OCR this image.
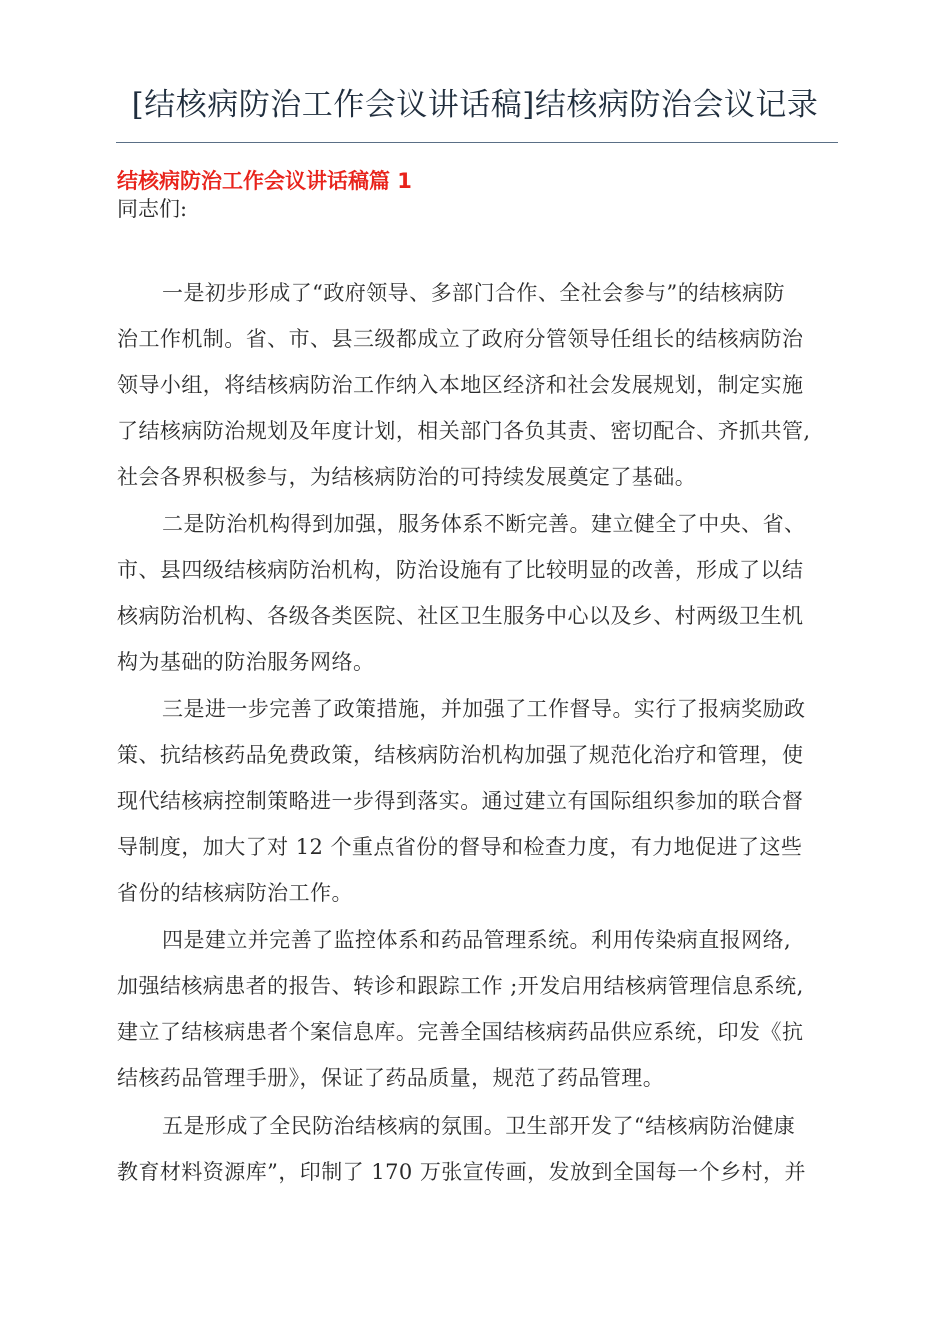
[结核病防治工作会议讲话稿]结核病防治会议记录
结核病防治工作会议讲话稿篇 1

同志们:

一是初步形成了“政府领导、多部门合作、全社会参与”的结核病防
治工作机制。省、市、县三级都成立了政府分管领导任组长的结核病防治
领导小组，将结核病防治工作纳入本地区经济和社会发展规划，制定实施
了结核病防治规划及年度计划，相关部门各负其责、密切配合、齐抓共管,
社会各界积极参与，为结核病防治的可持续发展奠定了基础。
二是防治机构得到加强，服务体系不断完善。建立健全了中央、省、
市、县四级结核病防治机构，防治设施有了比较明显的改善，形成了以结
核病防治机构、各级各类医院、社区卫生服务中心以及乡、村两级卫生机
构为基础的防治服务网络。
三是进一步完善了政策措施，并加强了工作督导。实行了报病奖励政
策、抗结核药品免费政策，结核病防治机构加强了规范化治疗和管理，使
现代结核病控制策略进一步得到落实。通过建立有国际组织参加的联合督
导制度，加大了对 12 个重点省份的督导和检查力度，有力地促进了这些
省份的结核病防治工作。
四是建立并完善了监控体系和药品管理系统。利用传染病直报网络,
加强结核病患者的报告、转诊和跟踪工作 ;开发启用结核病管理信息系统,
建立了结核病患者个案信息库。完善全国结核病药品供应系统，印发《抗
结核药品管理手册》，保证了药品质量，规范了药品管理。
五是形成了全民防治结核病的氛围。卫生部开发了“结核病防治健康
教育材料资源库”，印制了 170 万张宣传画，发放到全国每一个乡村，并
